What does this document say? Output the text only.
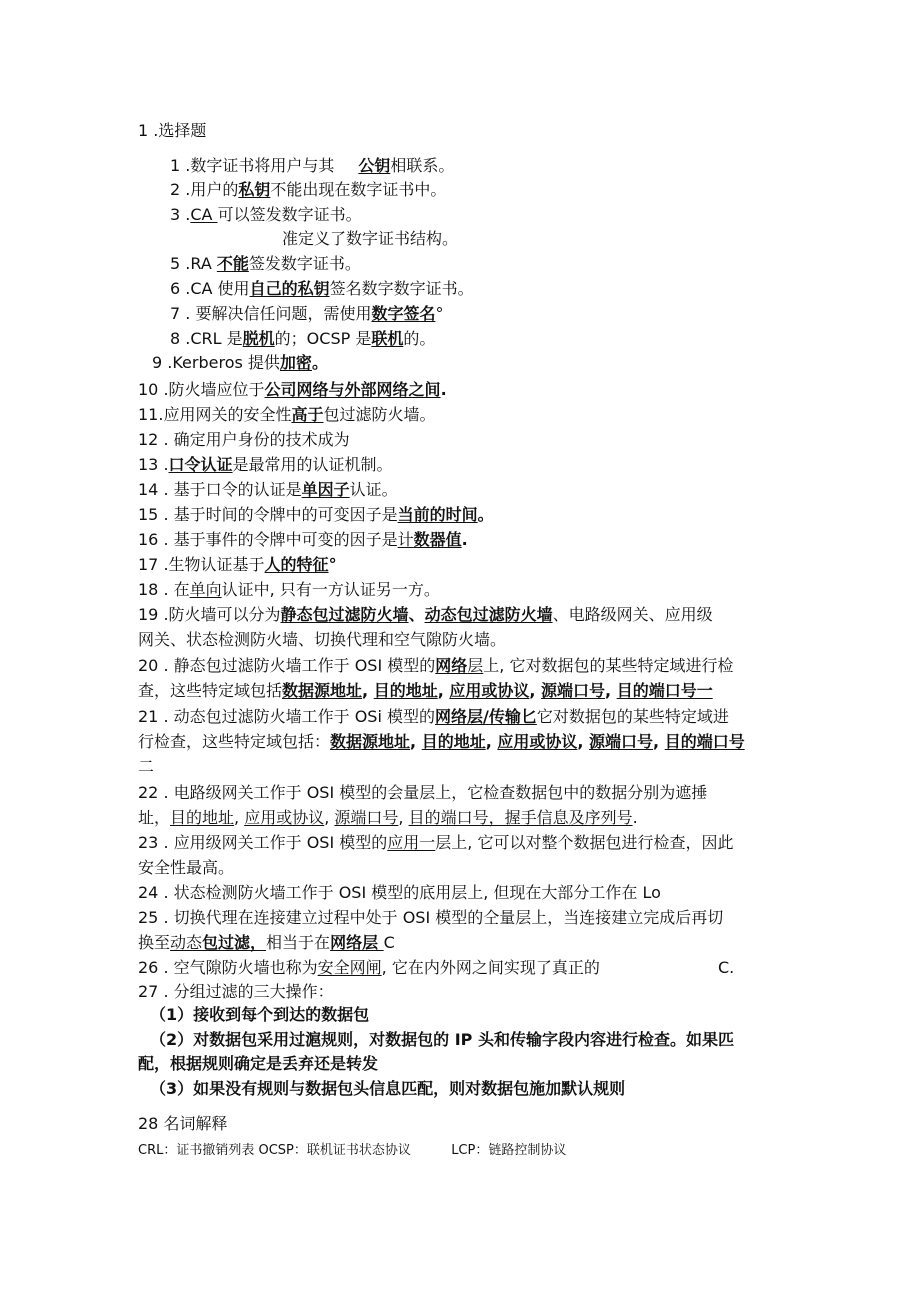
1 .选择题
1 .数字证书将用户与其 公钥相联系。
2 .用户的私钥不能出现在数字证书中。
3 .CA 可以签发数字证书。
准定义了数字证书结构。
5 .RA 不能签发数字证书。
6 .CA 使用自己的私钥签名数字数字证书。
7 . 要解决信任问题，需使用数字签名°
8 .CRL 是脱机的；OCSP 是联机的。
9 .Kerberos 提供加密。
10 .防火墙应位于公司网络与外部网络之间.
11.应用网关的安全性高于包过滤防火墙。
12 . 确定用户身份的技术成为
13 .口令认证是最常用的认证机制。
14 . 基于口令的认证是单因子认证。
15 . 基于时间的令牌中的可变因子是当前的时间。
16 . 基于事件的令牌中可变的因子是计数器值.
17 .生物认证基于人的特征°
18 . 在单向认证中, 只有一方认证另一方。
19 .防火墙可以分为静态包过滤防火墙、动态包过滤防火墙、电路级网关、应用级
网关、状态检测防火墙、切换代理和空气隙防火墙。
20 . 静态包过滤防火墙工作于 OSI 模型的网络层上, 它对数据包的某些特定域进行检
查，这些特定域包括数据源地址, 目的地址, 应用或协议, 源端口号, 目的端口号一
21 . 动态包过滤防火墙工作于 OSi 模型的网络层/传输匕它对数据包的某些特定域进
行检查，这些特定域包括：数据源地址, 目的地址, 应用或协议, 源端口号, 目的端口号
二
22 . 电路级网关工作于 OSI 模型的会量层上，它检查数据包中的数据分别为遮捶
址，目的地址, 应用或协议, 源端口号, 目的端口号，握手信息及序列号.
23 . 应用级网关工作于 OSI 模型的应用一层上, 它可以对整个数据包进行检查，因此
安全性最高。
24 . 状态检测防火墙工作于 OSI 模型的底用层上, 但现在大部分工作在 Lo
25 . 切换代理在连接建立过程中处于 OSI 模型的仝量层上，当连接建立完成后再切
换至动态包过滤，相当于在网络层 C
26 . 空气隙防火墙也称为安全网闸, 它在内外网之间实现了真正的	C.
27 . 分组过滤的三大操作：
（1）接收到每个到达的数据包
（2）对数据包采用过滬规则，对数据包的 IP 头和传输字段内容进行检查。如果匹
配，根据规则确定是丢弃还是转发
（3）如果没有规则与数据包头信息匹配，则对数据包施加默认规则
28 名词解释
CRL：证书撤销列表 OCSP：联机证书状态协议	LCP：链路控制协议
